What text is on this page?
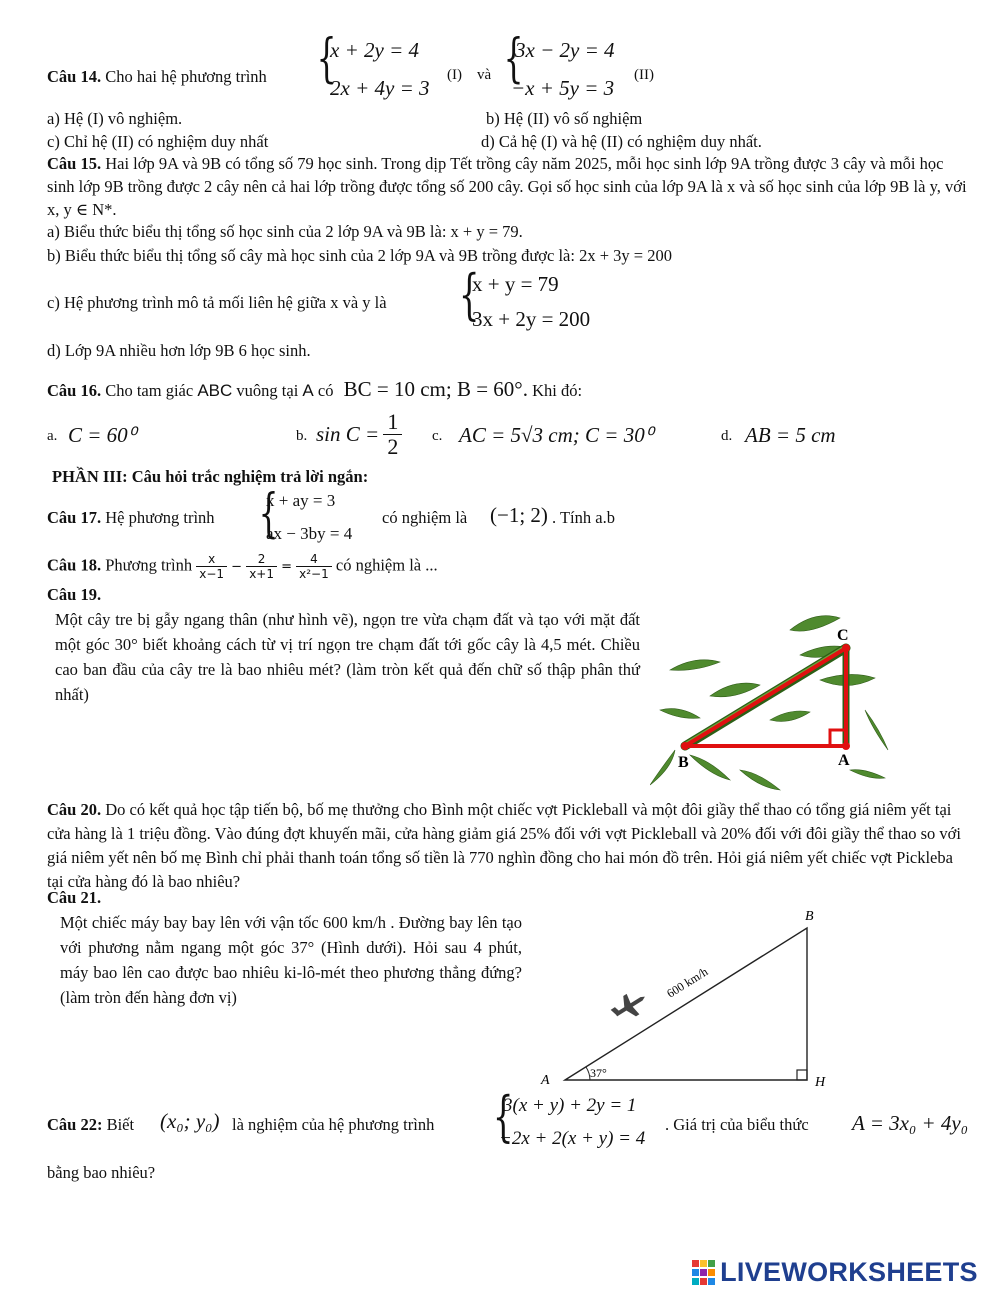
Câu 14. Cho hai hệ phương trình {
x + 2y = 4
2x + 4y = 3
(I) và {
3x − 2y = 4
−x + 5y = 3
(II)
a) Hệ (I) vô nghiệm.	b) Hệ (II) vô số nghiệm
c) Chỉ hệ (II) có nghiệm duy nhất	d) Cả hệ (I) và hệ (II) có nghiệm duy nhất.
Câu 15. Hai lớp 9A và 9B có tổng số 79 học sinh. Trong dịp Tết trồng cây năm 2025, mỗi học sinh lớp 9A trồng được 3 cây và mỗi học sinh lớp 9B trồng được 2 cây nên cả hai lớp trồng được tổng số 200 cây. Gọi số học sinh của lớp 9A là x và số học sinh của lớp 9B là y, với x, y ∈ N*.
a) Biểu thức biểu thị tổng số học sinh của 2 lớp 9A và 9B là: x + y = 79.
b) Biểu thức biểu thị tổng số cây mà học sinh của 2 lớp 9A và 9B trồng được là: 2x + 3y = 200
c) Hệ phương trình mô tả mối liên hệ giữa x và y là {
x + y = 79
3x + 2y = 200
d) Lớp 9A nhiều hơn lớp 9B 6 học sinh.
Câu 16. Cho tam giác ABC vuông tại A có BC = 10 cm; B = 60°. Khi đó:
a. C = 60⁰	b. $\sin C = \frac{1}{2} c$. AC = 5√3 cm; C = 30⁰	d. AB = 5 cm
PHẦN III: Câu hỏi trắc nghiệm trả lời ngắn:
Câu 17. Hệ phương trình {
x + ay = 3
ax − 3by = 4
có nghiệm là (−1; 2) . Tính a.b
Câu 18. Phương trình $\frac{x}{x-1} - \frac{2}{x+1} = \frac{4}{\text{x²−1}}$ có nghiệm là ...
Câu 19.
Một cây tre bị gẫy ngang thân (như hình vẽ), ngọn tre vừa chạm đất và tạo với mặt đất một góc 30° biết khoảng cách từ vị trí ngọn tre chạm đất tới gốc cây là 4,5 mét. Chiều cao ban đầu của cây tre là bao nhiêu mét? (làm tròn kết quả đến chữ số thập phân thứ nhất)
B	A
C
Câu 20. Do có kết quả học tập tiến bộ, bố mẹ thưởng cho Bình một chiếc vợt Pickleball và một đôi giầy thể thao có tổng giá niêm yết tại cửa hàng là 1 triệu đồng. Vào đúng đợt khuyến mãi, cửa hàng giảm giá 25% đối với vợt Pickleball và 20% đối với đôi giầy thể thao so với giá niêm yết nên bố mẹ Bình chỉ phải thanh toán tổng số tiền là 770 nghìn đồng cho hai món đồ trên. Hỏi giá niêm yết chiếc vợt Pickleba tại cửa hàng đó là bao nhiêu?
Câu 21.
Một chiếc máy bay bay lên với vận tốc 600 km/h . Đường bay lên tạo với phương nằm ngang một góc 37° (Hình dưới). Hỏi sau 4 phút, máy bao lên cao được bao nhiêu ki-lô-mét theo phương thẳng đứng? (làm tròn đến hàng đơn vị)
A
B
H
37°
600 km/h
Câu 22: Biết (x₀; y₀) là nghiệm của hệ phương trình {
3(x + y) + 2y = 1
−2x + 2(x + y) = 4
. Giá trị của biểu thức A = 3x₀ + 4y₀
bằng bao nhiêu?
LIVEWORKSHEETS
